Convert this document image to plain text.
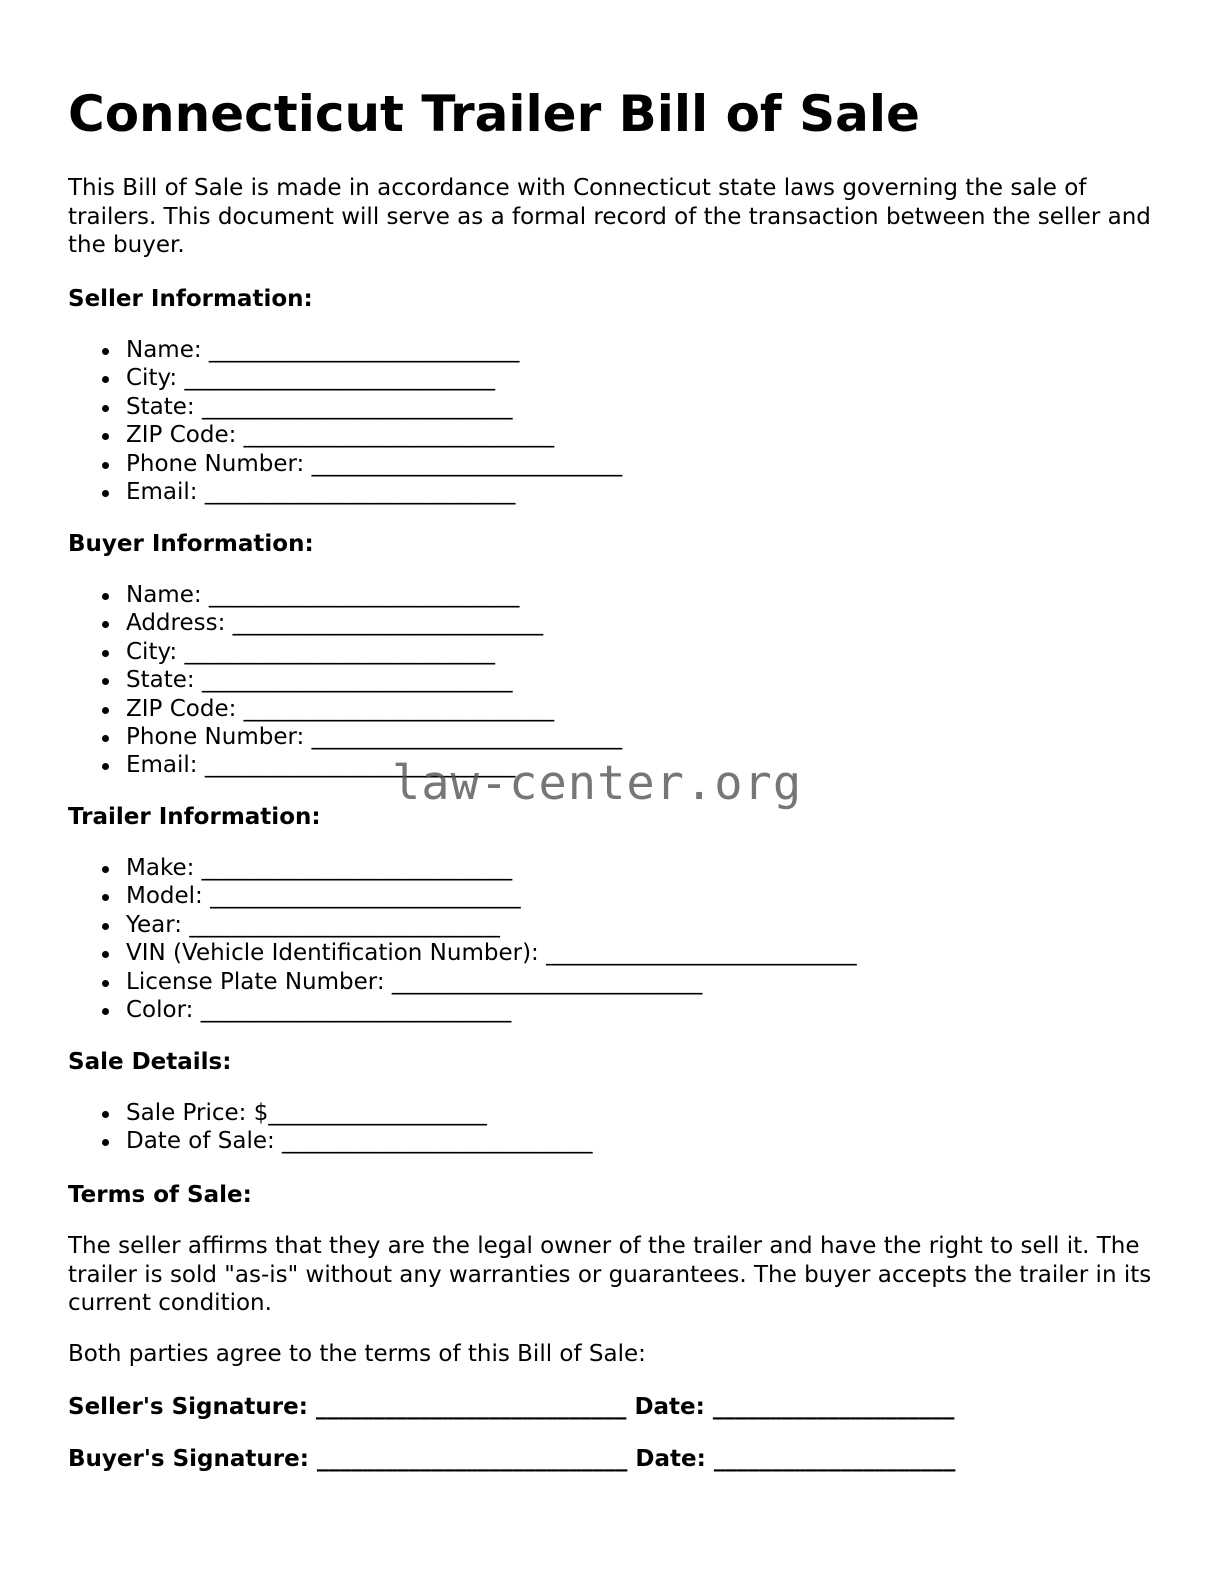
Connecticut Trailer Bill of Sale

This Bill of Sale is made in accordance with Connecticut state laws governing the sale of trailers. This document will serve as a formal record of the transaction between the seller and the buyer.

Seller Information:

Name: ___________________________
City: ___________________________
State: ___________________________
ZIP Code: ___________________________
Phone Number: ___________________________
Email: ___________________________

Buyer Information:

Name: ___________________________
Address: ___________________________
City: ___________________________
State: ___________________________
ZIP Code: ___________________________
Phone Number: ___________________________
Email: ___________________________

Trailer Information:

Make: ___________________________
Model: ___________________________
Year: ___________________________
VIN (Vehicle Identification Number): ___________________________
License Plate Number: ___________________________
Color: ___________________________

Sale Details:

Sale Price: $___________________
Date of Sale: ___________________________

Terms of Sale:

The seller affirms that they are the legal owner of the trailer and have the right to sell it. The trailer is sold "as-is" without any warranties or guarantees. The buyer accepts the trailer in its current condition.

Both parties agree to the terms of this Bill of Sale:

Seller's Signature: ___________________________ Date: _____________________

Buyer's Signature: ___________________________ Date: _____________________

law-center.org
